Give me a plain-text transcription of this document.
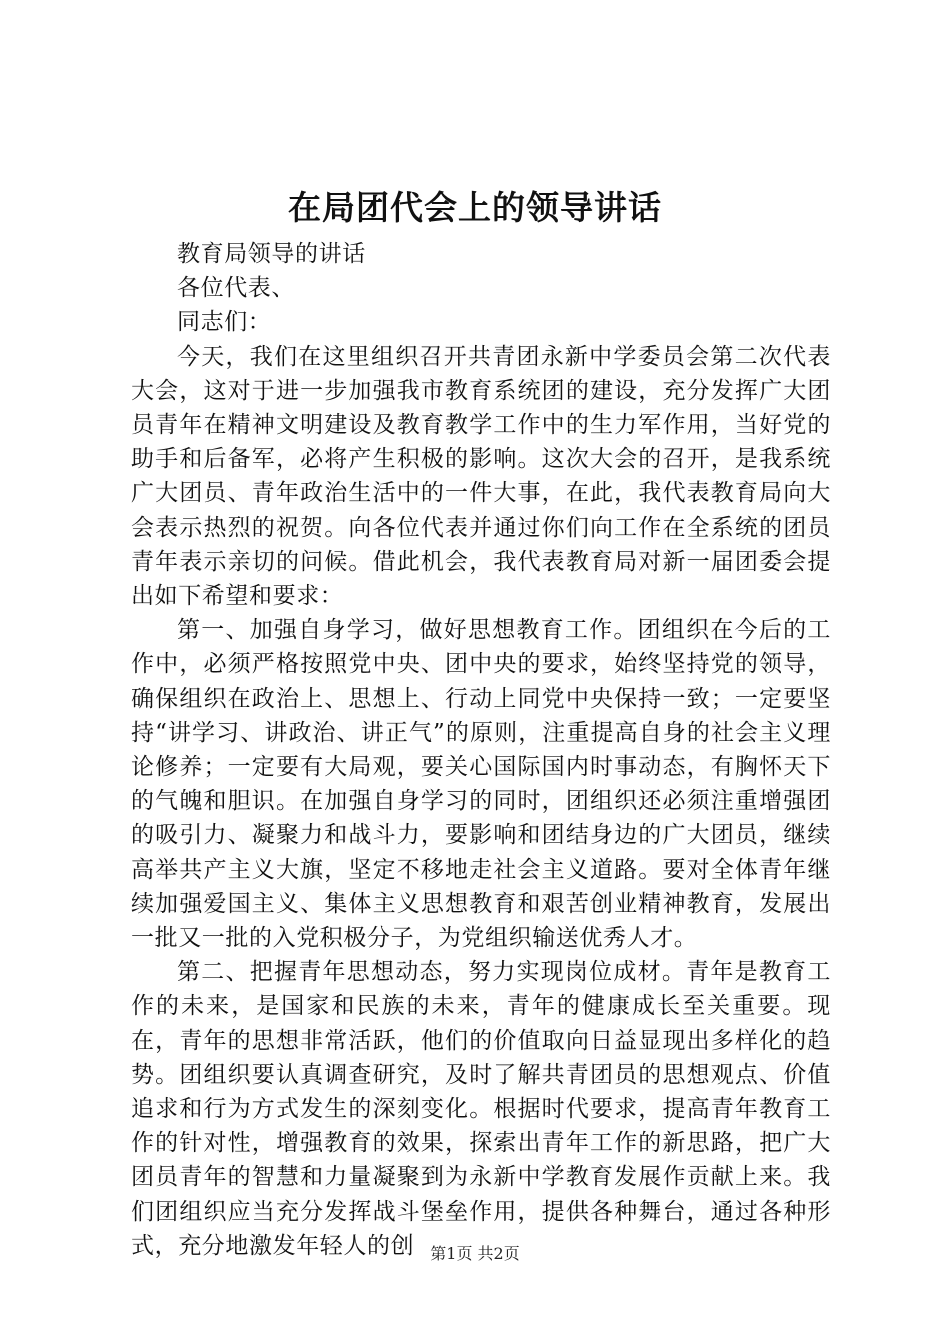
在局团代会上的领导讲话

教育局领导的讲话

各位代表、

同志们：

今天，我们在这里组织召开共青团永新中学委员会第二次代表大会，这对于进一步加强我市教育系统团的建设，充分发挥广大团员青年在精神文明建设及教育教学工作中的生力军作用，当好党的助手和后备军，必将产生积极的影响。这次大会的召开，是我系统广大团员、青年政治生活中的一件大事，在此，我代表教育局向大会表示热烈的祝贺。向各位代表并通过你们向工作在全系统的团员青年表示亲切的问候。借此机会，我代表教育局对新一届团委会提出如下希望和要求：

第一、加强自身学习，做好思想教育工作。团组织在今后的工作中，必须严格按照党中央、团中央的要求，始终坚持党的领导，确保组织在政治上、思想上、行动上同党中央保持一致；一定要坚持“讲学习、讲政治、讲正气”的原则，注重提高自身的社会主义理论修养；一定要有大局观，要关心国际国内时事动态，有胸怀天下的气魄和胆识。在加强自身学习的同时，团组织还必须注重增强团的吸引力、凝聚力和战斗力，要影响和团结身边的广大团员，继续高举共产主义大旗，坚定不移地走社会主义道路。要对全体青年继续加强爱国主义、集体主义思想教育和艰苦创业精神教育，发展出一批又一批的入党积极分子，为党组织输送优秀人才。

第二、把握青年思想动态，努力实现岗位成材。青年是教育工作的未来，是国家和民族的未来，青年的健康成长至关重要。现在，青年的思想非常活跃，他们的价值取向日益显现出多样化的趋势。团组织要认真调查研究，及时了解共青团员的思想观点、价值追求和行为方式发生的深刻变化。根据时代要求，提高青年教育工作的针对性，增强教育的效果，探索出青年工作的新思路，把广大团员青年的智慧和力量凝聚到为永新中学教育发展作贡献上来。我们团组织应当充分发挥战斗堡垒作用，提供各种舞台，通过各种形式，充分地激发年轻人的创	第1页 共2页
